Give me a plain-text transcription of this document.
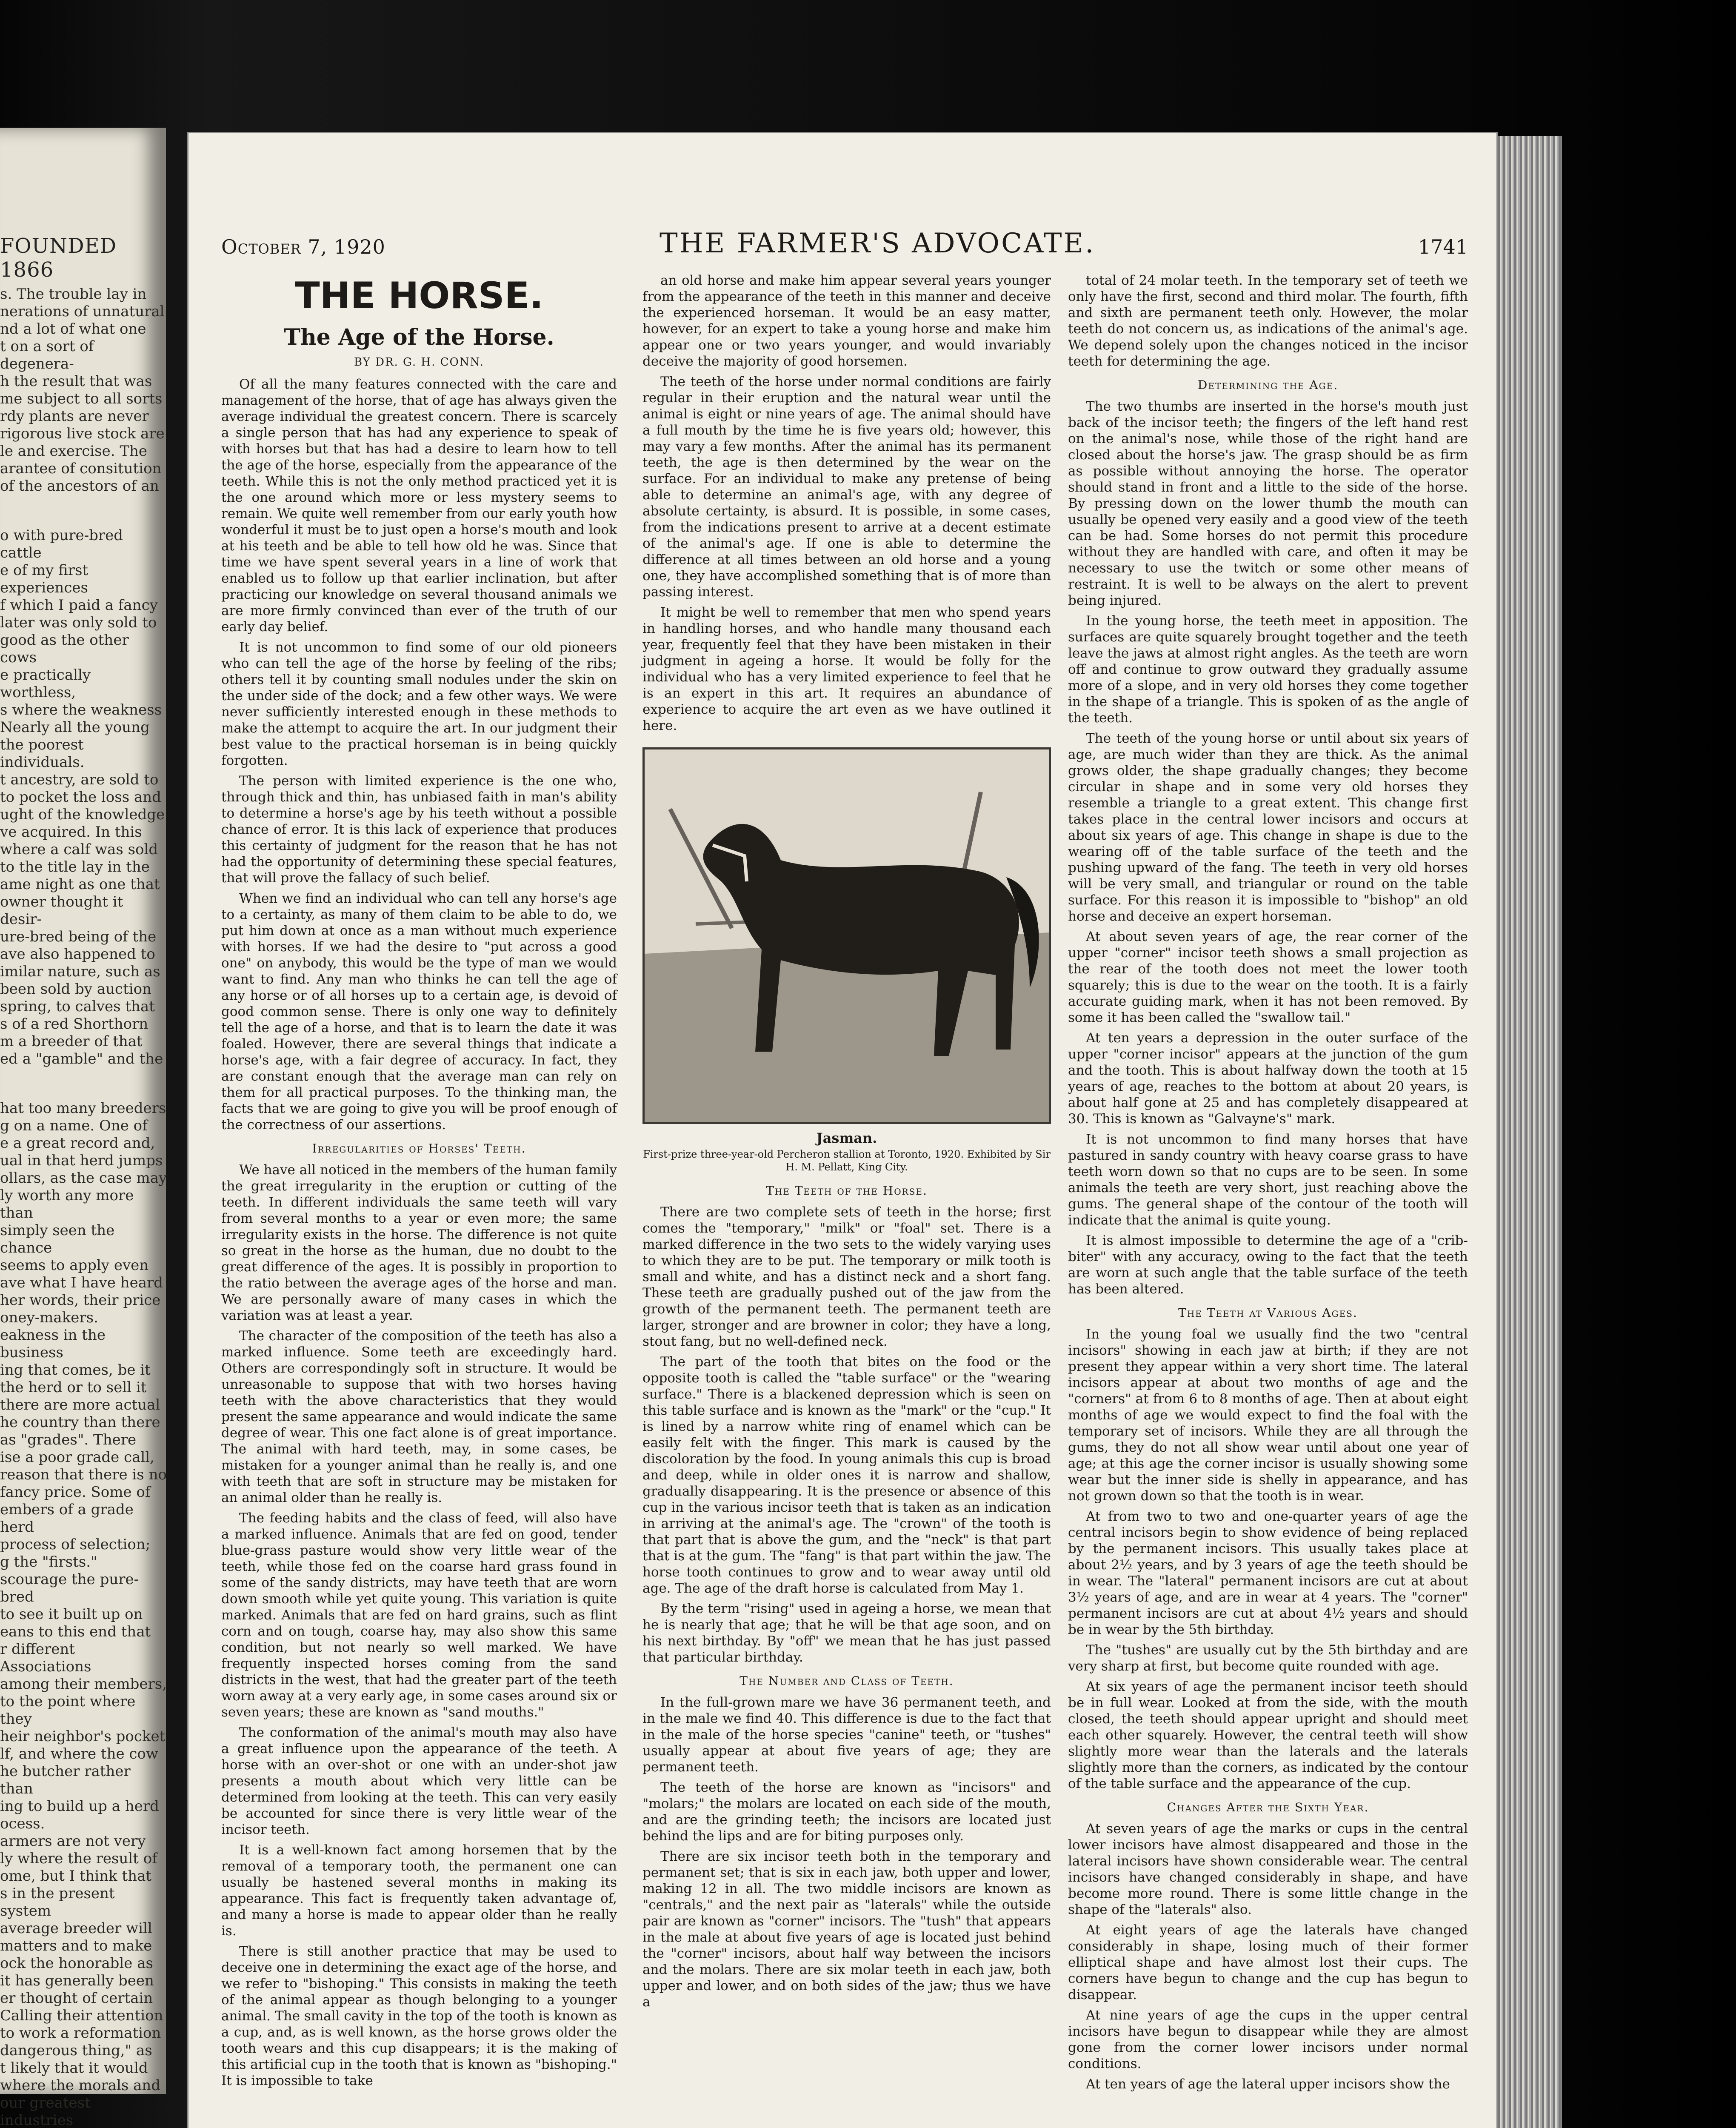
FOUNDED 1866

s. The trouble lay in
nerations of unnatural
nd a lot of what one
t on a sort of degenera-
h the result that was
me subject to all sorts
rdy plants are never
rigorous live stock are
le and exercise. The
arantee of consitution
of the ancestors of an

o with pure-bred cattle
e of my first experiences
f which I paid a fancy
later was only sold to
good as the other cows
e practically worthless,
s where the weakness
Nearly all the young
the poorest individuals.
t ancestry, are sold to
to pocket the loss and
ught of the knowledge
ve acquired. In this
where a calf was sold
to the title lay in the
ame night as one that
owner thought it desir-
ure-bred being of the
ave also happened to
imilar nature, such as
been sold by auction
spring, to calves that
s of a red Shorthorn
m a breeder of that
ed a "gamble" and the

hat too many breeders
g on a name. One of
e a great record and,
ual in that herd jumps
ollars, as the case may
ly worth any more than
simply seen the chance
seems to apply even
ave what I have heard
her words, their price
oney-makers.
eakness in the business
ing that comes, be it
the herd or to sell it
there are more actual
he country than there
as "grades". There
ise a poor grade call,
reason that there is no
fancy price. Some of
embers of a grade herd
process of selection;
g the "firsts."
scourage the pure-bred
to see it built up on
eans to this end that
r different Associations
among their members,
to the point where they
heir neighbor's pocket
lf, and where the cow
he butcher rather than
ing to build up a herd
ocess.
armers are not very
ly where the result of
ome, but I think that
s in the present system
average breeder will
matters and to make
ock the honorable as
it has generally been
er thought of certain
Calling their attention
to work a reformation
dangerous thing," as
t likely that it would
where the morals and
our greatest industries

October 7, 1920	THE FARMER'S ADVOCATE.	1741
THE HORSE.
The Age of the Horse.
BY DR. G. H. CONN.

Of all the many features connected with the care and management of the horse, that of age has always given the average individual the greatest concern. There is scarcely a single person that has had any experience to speak of with horses but that has had a desire to learn how to tell the age of the horse, especially from the appearance of the teeth. While this is not the only method practiced yet it is the one around which more or less mystery seems to remain. We quite well remember from our early youth how wonderful it must be to just open a horse's mouth and look at his teeth and be able to tell how old he was. Since that time we have spent several years in a line of work that enabled us to follow up that earlier inclination, but after practicing our knowledge on several thousand animals we are more firmly convinced than ever of the truth of our early day belief.

It is not uncommon to find some of our old pioneers who can tell the age of the horse by feeling of the ribs; others tell it by counting small nodules under the skin on the under side of the dock; and a few other ways. We were never sufficiently interested enough in these methods to make the attempt to acquire the art. In our judgment their best value to the practical horseman is in being quickly forgotten.

The person with limited experience is the one who, through thick and thin, has unbiased faith in man's ability to determine a horse's age by his teeth without a possible chance of error. It is this lack of experience that produces this certainty of judgment for the reason that he has not had the opportunity of determining these special features, that will prove the fallacy of such belief.

When we find an individual who can tell any horse's age to a certainty, as many of them claim to be able to do, we put him down at once as a man without much experience with horses. If we had the desire to "put across a good one" on anybody, this would be the type of man we would want to find. Any man who thinks he can tell the age of any horse or of all horses up to a certain age, is devoid of good common sense. There is only one way to definitely tell the age of a horse, and that is to learn the date it was foaled. However, there are several things that indicate a horse's age, with a fair degree of accuracy. In fact, they are constant enough that the average man can rely on them for all practical purposes. To the thinking man, the facts that we are going to give you will be proof enough of the correctness of our assertions.

Irregularities of Horses' Teeth.

We have all noticed in the members of the human family the great irregularity in the eruption or cutting of the teeth. In different individuals the same teeth will vary from several months to a year or even more; the same irregularity exists in the horse. The difference is not quite so great in the horse as the human, due no doubt to the great difference of the ages. It is possibly in proportion to the ratio between the average ages of the horse and man. We are personally aware of many cases in which the variation was at least a year.

The character of the composition of the teeth has also a marked influence. Some teeth are exceedingly hard. Others are correspondingly soft in structure. It would be unreasonable to suppose that with two horses having teeth with the above characteristics that they would present the same appearance and would indicate the same degree of wear. This one fact alone is of great importance. The animal with hard teeth, may, in some cases, be mistaken for a younger animal than he really is, and one with teeth that are soft in structure may be mistaken for an animal older than he really is.

The feeding habits and the class of feed, will also have a marked influence. Animals that are fed on good, tender blue-grass pasture would show very little wear of the teeth, while those fed on the coarse hard grass found in some of the sandy districts, may have teeth that are worn down smooth while yet quite young. This variation is quite marked. Animals that are fed on hard grains, such as flint corn and on tough, coarse hay, may also show this same condition, but not nearly so well marked. We have frequently inspected horses coming from the sand districts in the west, that had the greater part of the teeth worn away at a very early age, in some cases around six or seven years; these are known as "sand mouths."

The conformation of the animal's mouth may also have a great influence upon the appearance of the teeth. A horse with an over-shot or one with an under-shot jaw presents a mouth about which very little can be determined from looking at the teeth. This can very easily be accounted for since there is very little wear of the incisor teeth.

It is a well-known fact among horsemen that by the removal of a temporary tooth, the permanent one can usually be hastened several months in making its appearance. This fact is frequently taken advantage of, and many a horse is made to appear older than he really is.

There is still another practice that may be used to deceive one in determining the exact age of the horse, and we refer to "bishoping." This consists in making the teeth of the animal appear as though belonging to a younger animal. The small cavity in the top of the tooth is known as a cup, and, as is well known, as the horse grows older the tooth wears and this cup disappears; it is the making of this artificial cup in the tooth that is known as "bishoping." It is impossible to take

an old horse and make him appear several years younger from the appearance of the teeth in this manner and deceive the experienced horseman. It would be an easy matter, however, for an expert to take a young horse and make him appear one or two years younger, and would invariably deceive the majority of good horsemen.

The teeth of the horse under normal conditions are fairly regular in their eruption and the natural wear until the animal is eight or nine years of age. The animal should have a full mouth by the time he is five years old; however, this may vary a few months. After the animal has its permanent teeth, the age is then determined by the wear on the surface. For an individual to make any pretense of being able to determine an animal's age, with any degree of absolute certainty, is absurd. It is possible, in some cases, from the indications present to arrive at a decent estimate of the animal's age. If one is able to determine the difference at all times between an old horse and a young one, they have accomplished something that is of more than passing interest.

It might be well to remember that men who spend years in handling horses, and who handle many thousand each year, frequently feel that they have been mistaken in their judgment in ageing a horse. It would be folly for the individual who has a very limited experience to feel that he is an expert in this art. It requires an abundance of experience to acquire the art even as we have outlined it here.

Jasman.
First-prize three-year-old Percheron stallion at Toronto, 1920. Exhibited by Sir H. M. Pellatt, King City.
The Teeth of the Horse.

There are two complete sets of teeth in the horse; first comes the "temporary," "milk" or "foal" set. There is a marked difference in the two sets to the widely varying uses to which they are to be put. The temporary or milk tooth is small and white, and has a distinct neck and a short fang. These teeth are gradually pushed out of the jaw from the growth of the permanent teeth. The permanent teeth are larger, stronger and are browner in color; they have a long, stout fang, but no well-defined neck.

The part of the tooth that bites on the food or the opposite tooth is called the "table surface" or the "wearing surface." There is a blackened depression which is seen on this table surface and is known as the "mark" or the "cup." It is lined by a narrow white ring of enamel which can be easily felt with the finger. This mark is caused by the discoloration by the food. In young animals this cup is broad and deep, while in older ones it is narrow and shallow, gradually disappearing. It is the presence or absence of this cup in the various incisor teeth that is taken as an indication in arriving at the animal's age. The "crown" of the tooth is that part that is above the gum, and the "neck" is that part that is at the gum. The "fang" is that part within the jaw. The horse tooth continues to grow and to wear away until old age. The age of the draft horse is calculated from May 1.

By the term "rising" used in ageing a horse, we mean that he is nearly that age; that he will be that age soon, and on his next birthday. By "off" we mean that he has just passed that particular birthday.

The Number and Class of Teeth.

In the full-grown mare we have 36 permanent teeth, and in the male we find 40. This difference is due to the fact that in the male of the horse species "canine" teeth, or "tushes" usually appear at about five years of age; they are permanent teeth.

The teeth of the horse are known as "incisors" and "molars;" the molars are located on each side of the mouth, and are the grinding teeth; the incisors are located just behind the lips and are for biting purposes only.

There are six incisor teeth both in the temporary and permanent set; that is six in each jaw, both upper and lower, making 12 in all. The two middle incisors are known as "centrals," and the next pair as "laterals" while the outside pair are known as "corner" incisors. The "tush" that appears in the male at about five years of age is located just behind the "corner" incisors, about half way between the incisors and the molars. There are six molar teeth in each jaw, both upper and lower, and on both sides of the jaw; thus we have a

total of 24 molar teeth. In the temporary set of teeth we only have the first, second and third molar. The fourth, fifth and sixth are permanent teeth only. However, the molar teeth do not concern us, as indications of the animal's age. We depend solely upon the changes noticed in the incisor teeth for determining the age.

Determining the Age.

The two thumbs are inserted in the horse's mouth just back of the incisor teeth; the fingers of the left hand rest on the animal's nose, while those of the right hand are closed about the horse's jaw. The grasp should be as firm as possible without annoying the horse. The operator should stand in front and a little to the side of the horse. By pressing down on the lower thumb the mouth can usually be opened very easily and a good view of the teeth can be had. Some horses do not permit this procedure without they are handled with care, and often it may be necessary to use the twitch or some other means of restraint. It is well to be always on the alert to prevent being injured.

In the young horse, the teeth meet in apposition. The surfaces are quite squarely brought together and the teeth leave the jaws at almost right angles. As the teeth are worn off and continue to grow outward they gradually assume more of a slope, and in very old horses they come together in the shape of a triangle. This is spoken of as the angle of the teeth.

The teeth of the young horse or until about six years of age, are much wider than they are thick. As the animal grows older, the shape gradually changes; they become circular in shape and in some very old horses they resemble a triangle to a great extent. This change first takes place in the central lower incisors and occurs at about six years of age. This change in shape is due to the wearing off of the table surface of the teeth and the pushing upward of the fang. The teeth in very old horses will be very small, and triangular or round on the table surface. For this reason it is impossible to "bishop" an old horse and deceive an expert horseman.

At about seven years of age, the rear corner of the upper "corner" incisor teeth shows a small projection as the rear of the tooth does not meet the lower tooth squarely; this is due to the wear on the tooth. It is a fairly accurate guiding mark, when it has not been removed. By some it has been called the "swallow tail."

At ten years a depression in the outer surface of the upper "corner incisor" appears at the junction of the gum and the tooth. This is about halfway down the tooth at 15 years of age, reaches to the bottom at about 20 years, is about half gone at 25 and has completely disappeared at 30. This is known as "Galvayne's" mark.

It is not uncommon to find many horses that have pastured in sandy country with heavy coarse grass to have teeth worn down so that no cups are to be seen. In some animals the teeth are very short, just reaching above the gums. The general shape of the contour of the tooth will indicate that the animal is quite young.

It is almost impossible to determine the age of a "crib-biter" with any accuracy, owing to the fact that the teeth are worn at such angle that the table surface of the teeth has been altered.

The Teeth at Various Ages.

In the young foal we usually find the two "central incisors" showing in each jaw at birth; if they are not present they appear within a very short time. The lateral incisors appear at about two months of age and the "corners" at from 6 to 8 months of age. Then at about eight months of age we would expect to find the foal with the temporary set of incisors. While they are all through the gums, they do not all show wear until about one year of age; at this age the corner incisor is usually showing some wear but the inner side is shelly in appearance, and has not grown down so that the tooth is in wear.

At from two to two and one-quarter years of age the central incisors begin to show evidence of being replaced by the permanent incisors. This usually takes place at about 2½ years, and by 3 years of age the teeth should be in wear. The "lateral" permanent incisors are cut at about 3½ years of age, and are in wear at 4 years. The "corner" permanent incisors are cut at about 4½ years and should be in wear by the 5th birthday.

The "tushes" are usually cut by the 5th birthday and are very sharp at first, but become quite rounded with age.

At six years of age the permanent incisor teeth should be in full wear. Looked at from the side, with the mouth closed, the teeth should appear upright and should meet each other squarely. However, the central teeth will show slightly more wear than the laterals and the laterals slightly more than the corners, as indicated by the contour of the table surface and the appearance of the cup.

Changes After the Sixth Year.

At seven years of age the marks or cups in the central lower incisors have almost disappeared and those in the lateral incisors have shown considerable wear. The central incisors have changed considerably in shape, and have become more round. There is some little change in the shape of the "laterals" also.

At eight years of age the laterals have changed considerably in shape, losing much of their former elliptical shape and have almost lost their cups. The corners have begun to change and the cup has begun to disappear.

At nine years of age the cups in the upper central incisors have begun to disappear while they are almost gone from the corner lower incisors under normal conditions.

At ten years of age the lateral upper incisors show the
